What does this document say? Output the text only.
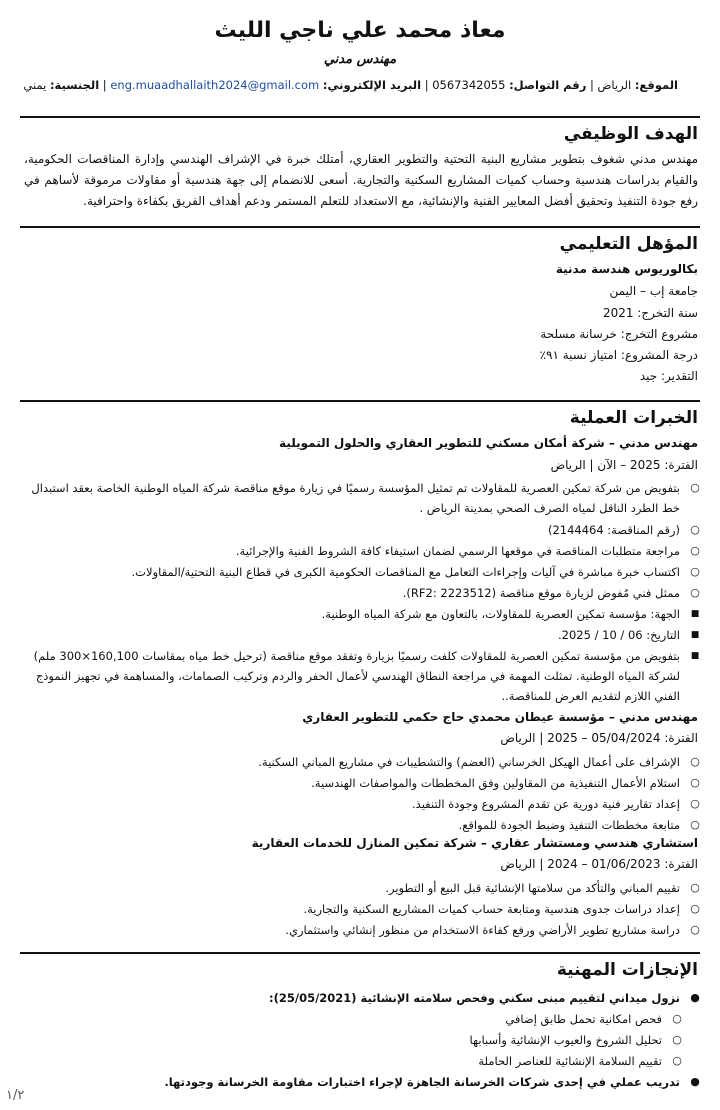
معاذ محمد علي ناجي الليث
مهندس مدني
الموقع: الرياض | رقم التواصل: 0567342055 | البريد الإلكتروني: eng.muaadhallaith2024@gmail.com | الجنسية: يمني
الهدف الوظيفي
مهندس مدني شغوف بتطوير مشاريع البنية التحتية والتطوير العقاري، أمتلك خبرة في الإشراف الهندسي وإدارة المناقصات الحكومية، والقيام بدراسات هندسية وحساب كميات المشاريع السكنية والتجارية. أسعى للانضمام إلى جهة هندسية أو مقاولات مرموقة لأساهم في رفع جودة التنفيذ وتحقيق أفضل المعايير الفنية والإنشائية، مع الاستعداد للتعلم المستمر ودعم أهداف الفريق بكفاءة واحترافية.
المؤهل التعليمي
بكالوريوس هندسة مدنية
جامعة إب – اليمن
سنة التخرج: 2021
مشروع التخرج: خرسانة مسلحة
درجة المشروع: امتياز نسبة ٩١٪
التقدير: جيد
الخبرات العملية
مهندس مدني – شركة أمكان مسكني للتطوير العقاري والحلول التمويلية
الفترة: 2025 – الآن | الرياض
○
بتفويض من شركة تمكين العصرية للمقاولات تم تمثيل المؤسسة رسميًا في زيارة موقع مناقصة شركة المياه الوطنية الخاصة بعقد استبدال خط الطرد الناقل لمياه الصرف الصحي بمدينة الرياض .
○
(رقم المناقصة: 2144464)
○
مراجعة متطلبات المناقصة في موقعها الرسمي لضمان استيفاء كافة الشروط الفنية والإجرائية.
○
اكتساب خبرة مباشرة في آليات وإجراءات التعامل مع المناقصات الحكومية الكبرى في قطاع البنية التحتية/المقاولات.
○
ممثل فني مُفوض لزيارة موقع مناقصة (RF2: 2223512).
■
الجهة: مؤسسة تمكين العصرية للمقاولات، بالتعاون مع شركة المياه الوطنية.
■
التاريخ: 06 / 10 / 2025.
■
بتفويض من مؤسسة تمكين العصرية للمقاولات كلفت رسميًا بزيارة وتفقد موقع مناقصة (ترحيل خط مياه بمقاسات 160,100×300 ملم) لشركة المياه الوطنية. تمثلت المهمة في مراجعة النطاق الهندسي لأعمال الحفر والردم وتركيب الصمامات، والمساهمة في تجهيز النموذج الفني اللازم لتقديم العرض للمناقصة..
مهندس مدني – مؤسسة عيطان محمدي حاج حكمي للتطوير العقاري
الفترة: 05/04/2024 – 2025 | الرياض
○
الإشراف على أعمال الهيكل الخرساني (العضم) والتشطيبات في مشاريع المباني السكنية.
○
استلام الأعمال التنفيذية من المقاولين وفق المخططات والمواصفات الهندسية.
○
إعداد تقارير فنية دورية عن تقدم المشروع وجودة التنفيذ.
○
متابعة مخططات التنفيذ وضبط الجودة للمواقع.
استشاري هندسي ومستشار عقاري – شركة تمكين المنازل للخدمات العقارية
الفترة: 01/06/2023 – 2024 | الرياض
○
تقييم المباني والتأكد من سلامتها الإنشائية قبل البيع أو التطوير.
○
إعداد دراسات جدوى هندسية ومتابعة حساب كميات المشاريع السكنية والتجارية.
○
دراسة مشاريع تطوير الأراضي ورفع كفاءة الاستخدام من منظور إنشائي واستثماري.
الإنجازات المهنية
●
نزول ميداني لتقييم مبنى سكني وفحص سلامته الإنشائية (25/05/2021):
○
فحص امكانية تحمل طابق إضافي
○
تحليل الشروخ والعيوب الإنشائية وأسبابها
○
تقييم السلامة الإنشائية للعناصر الحاملة
●
تدريب عملي في إحدى شركات الخرسانة الجاهزة لإجراء اختبارات مقاومة الخرسانة وجودتها.
١/٢
